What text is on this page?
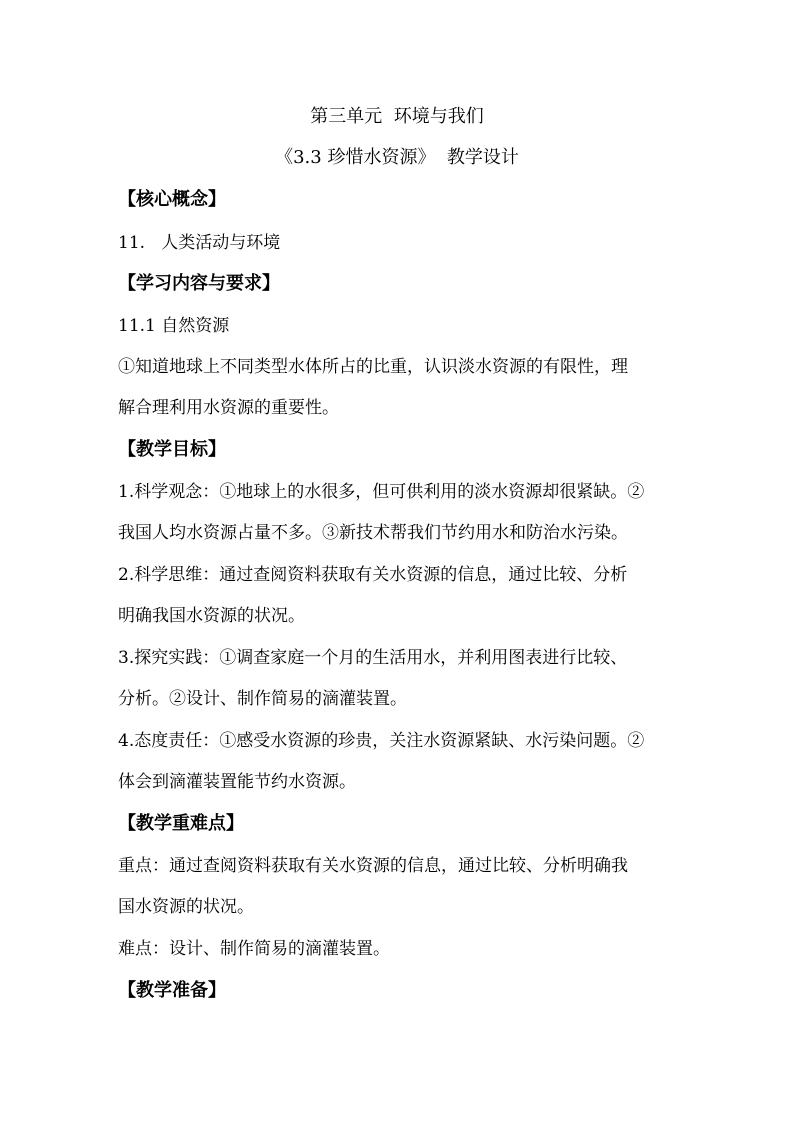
第三单元  环境与我们
《3.3 珍惜水资源》  教学设计
【核心概念】
11.   人类活动与环境
【学习内容与要求】
11.1 自然资源
①知道地球上不同类型水体所占的比重，认识淡水资源的有限性，理
解合理利用水资源的重要性。
【教学目标】
1.科学观念：①地球上的水很多，但可供利用的淡水资源却很紧缺。②
我国人均水资源占量不多。③新技术帮我们节约用水和防治水污染。
2.科学思维：通过查阅资料获取有关水资源的信息，通过比较、分析
明确我国水资源的状况。
3.探究实践：①调查家庭一个月的生活用水，并利用图表进行比较、
分析。②设计、制作简易的滴灌装置。
4.态度责任：①感受水资源的珍贵，关注水资源紧缺、水污染问题。②
体会到滴灌装置能节约水资源。
【教学重难点】
重点：通过查阅资料获取有关水资源的信息，通过比较、分析明确我
国水资源的状况。
难点：设计、制作简易的滴灌装置。
【教学准备】
